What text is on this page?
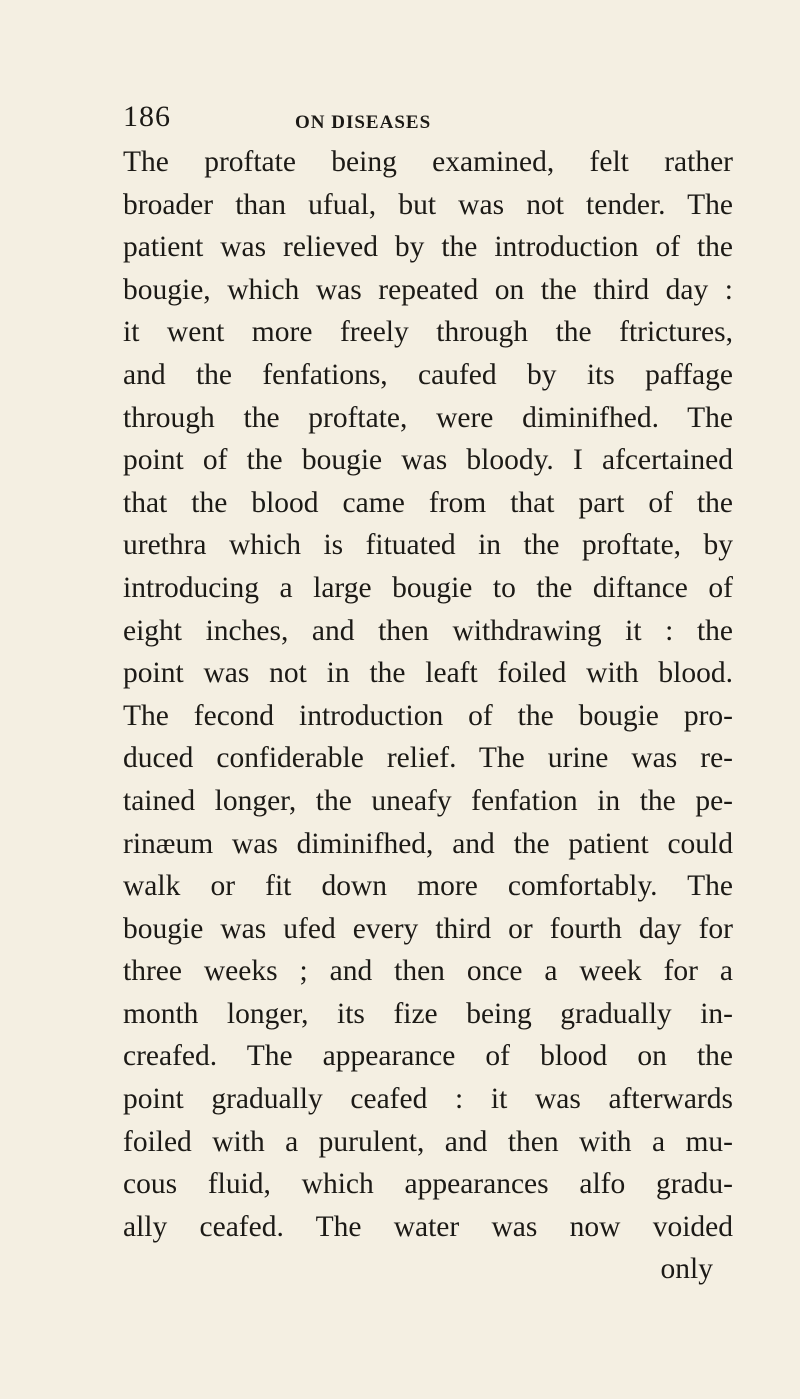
186	ON DISEASES
The proftate being examined, felt rather
broader than ufual, but was not tender. The
patient was relieved by the introduction of the
bougie, which was repeated on the third day :
it went more freely through the ftrictures,
and the fenfations, caufed by its paffage
through the proftate, were diminifhed. The
point of the bougie was bloody. I afcertained
that the blood came from that part of the
urethra which is fituated in the proftate, by
introducing a large bougie to the diftance of
eight inches, and then withdrawing it : the
point was not in the leaft foiled with blood.
The fecond introduction of the bougie pro-
duced confiderable relief. The urine was re-
tained longer, the uneafy fenfation in the pe-
rinæum was diminifhed, and the patient could
walk or fit down more comfortably. The
bougie was ufed every third or fourth day for
three weeks ; and then once a week for a
month longer, its fize being gradually in-
creafed. The appearance of blood on the
point gradually ceafed : it was afterwards
foiled with a purulent, and then with a mu-
cous fluid, which appearances alfo gradu-
ally ceafed. The water was now voided
only
